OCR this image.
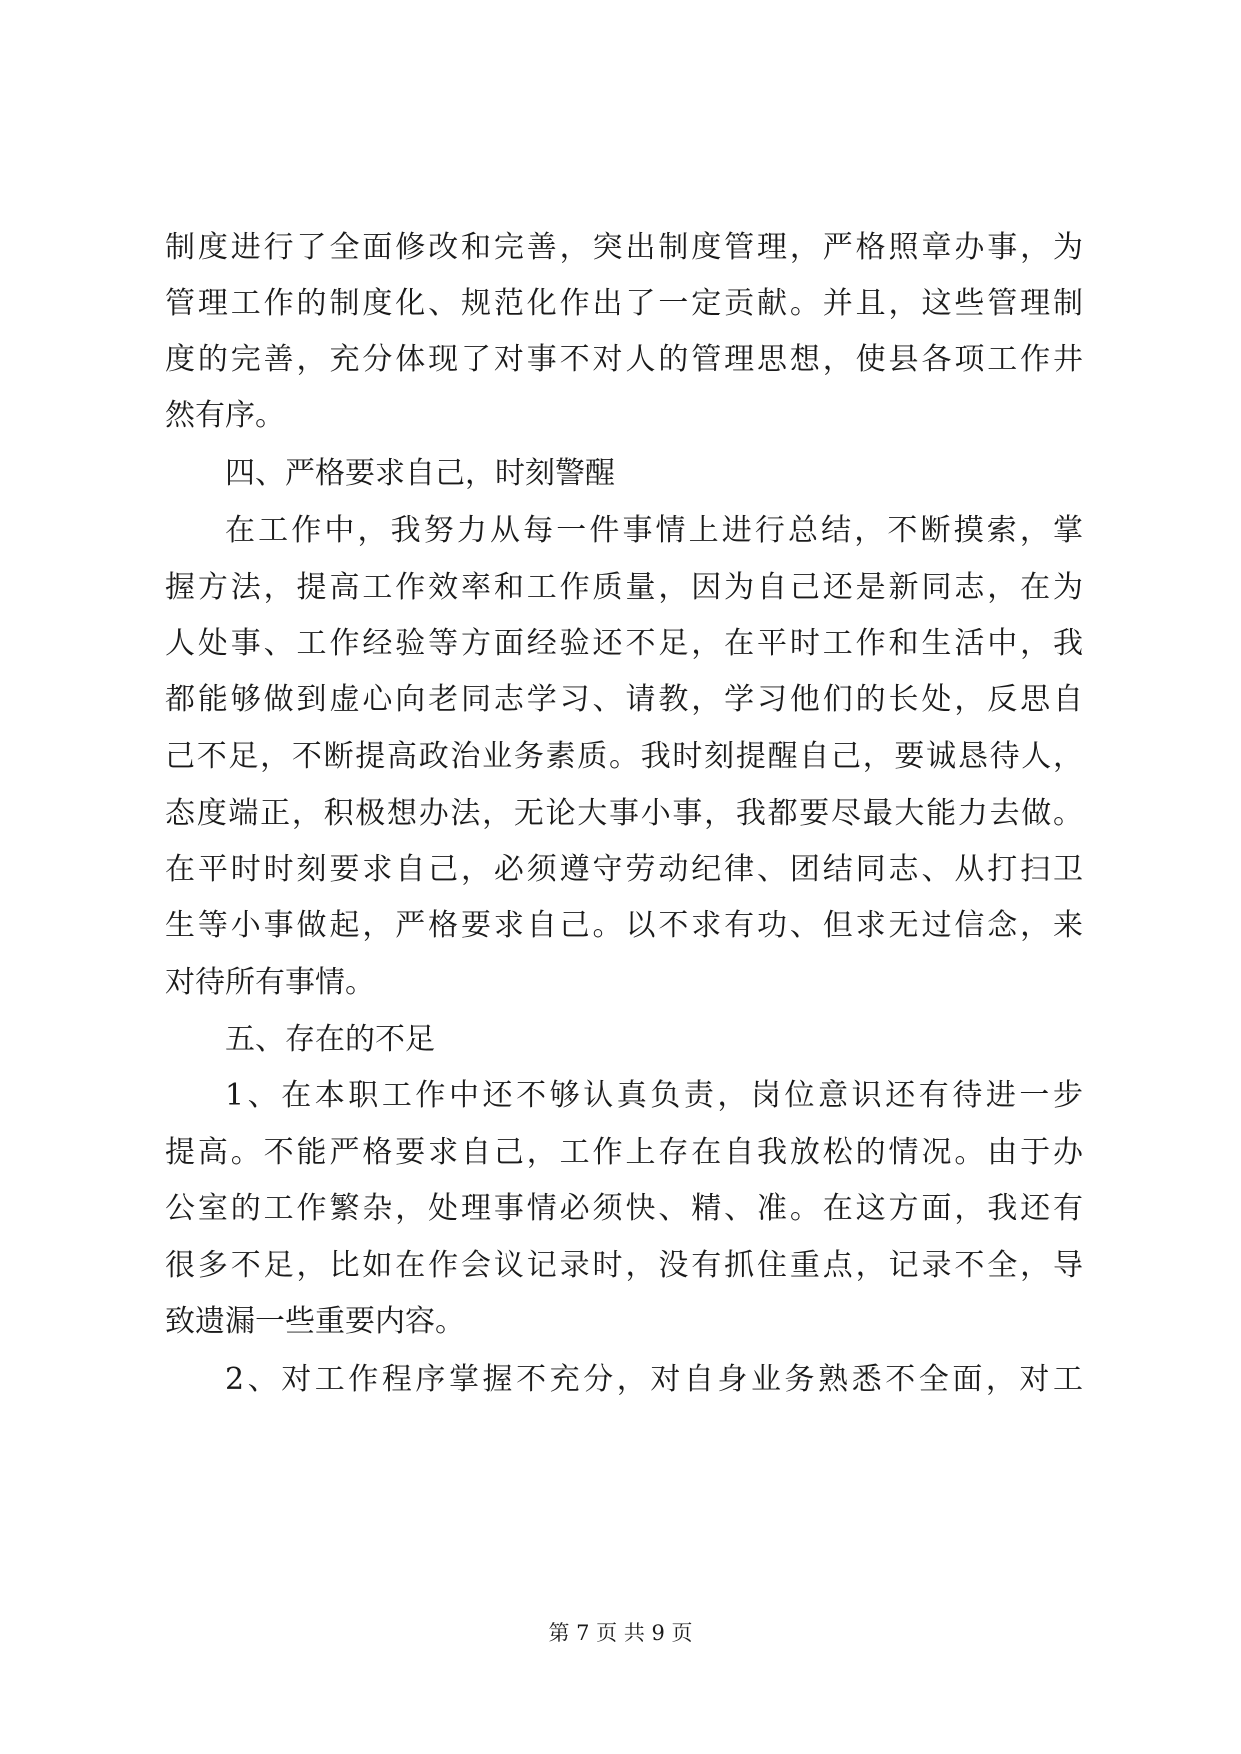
制度进行了全面修改和完善，突出制度管理，严格照章办事，为
管理工作的制度化、规范化作出了一定贡献。并且，这些管理制
度的完善，充分体现了对事不对人的管理思想，使县各项工作井
然有序。
四、严格要求自己，时刻警醒
在工作中，我努力从每一件事情上进行总结，不断摸索，掌
握方法，提高工作效率和工作质量，因为自己还是新同志，在为
人处事、工作经验等方面经验还不足，在平时工作和生活中，我
都能够做到虚心向老同志学习、请教，学习他们的长处，反思自
己不足，不断提高政治业务素质。我时刻提醒自己，要诚恳待人，
态度端正，积极想办法，无论大事小事，我都要尽最大能力去做。
在平时时刻要求自己，必须遵守劳动纪律、团结同志、从打扫卫
生等小事做起，严格要求自己。以不求有功、但求无过信念，来
对待所有事情。
五、存在的不足
1、在本职工作中还不够认真负责，岗位意识还有待进一步
提高。不能严格要求自己，工作上存在自我放松的情况。由于办
公室的工作繁杂，处理事情必须快、精、准。在这方面，我还有
很多不足，比如在作会议记录时，没有抓住重点，记录不全，导
致遗漏一些重要内容。
2、对工作程序掌握不充分，对自身业务熟悉不全面，对工
第 7 页 共 9 页
